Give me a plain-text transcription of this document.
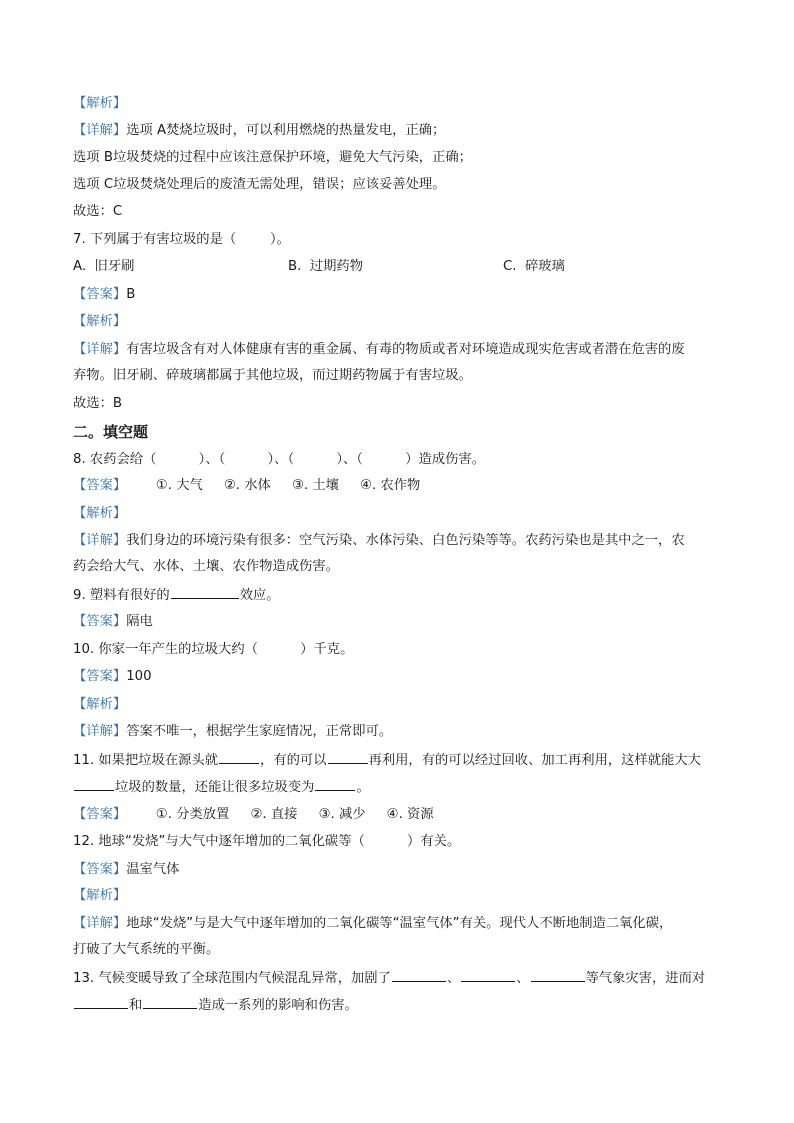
【解析】
【详解】选项 A焚烧垃圾时，可以利用燃烧的热量发电，正确；
选项 B垃圾焚烧的过程中应该注意保护环境，避免大气污染，正确；
选项 C垃圾焚烧处理后的废渣无需处理，错误；应该妥善处理。
故选：C
7. 下列属于有害垃圾的是（        ）。
A.  旧牙刷	B.  过期药物	C.  碎玻璃
【答案】B
【解析】
【详解】有害垃圾含有对人体健康有害的重金属、有毒的物质或者对环境造成现实危害或者潜在危害的废
弃物。旧牙刷、碎玻璃都属于其他垃圾，而过期药物属于有害垃圾。
故选：B
二。填空题
8. 农药会给（          ）、（          ）、（          ）、（          ）造成伤害。
【答案】       ①. 大气     ②. 水体     ③. 土壤     ④. 农作物
【解析】
【详解】我们身边的环境污染有很多：空气污染、水体污染、白色污染等等。农药污染也是其中之一，农
药会给大气、水体、土壤、农作物造成伤害。
9. 塑料有很好的	效应。
【答案】隔电
10. 你家一年产生的垃圾大约（          ）千克。
【答案】100
【解析】
【详解】答案不唯一，根据学生家庭情况，正常即可。
11. 如果把垃圾在源头就	，有的可以	再利用，有的可以经过回收、加工再利用，这样就能大大
垃圾的数量，还能让很多垃圾变为	。
【答案】       ①. 分类放置     ②. 直接     ③. 减少     ④. 资源
12. 地球“发烧”与大气中逐年增加的二氧化碳等（          ）有关。
【答案】温室气体
【解析】
【详解】地球“发烧”与是大气中逐年增加的二氧化碳等“温室气体”有关。现代人不断地制造二氧化碳，
打破了大气系统的平衡。
13. 气候变暖导致了全球范围内气候混乱异常，加剧了	、	、	等气象灾害，进而对
和	造成一系列的影响和伤害。
